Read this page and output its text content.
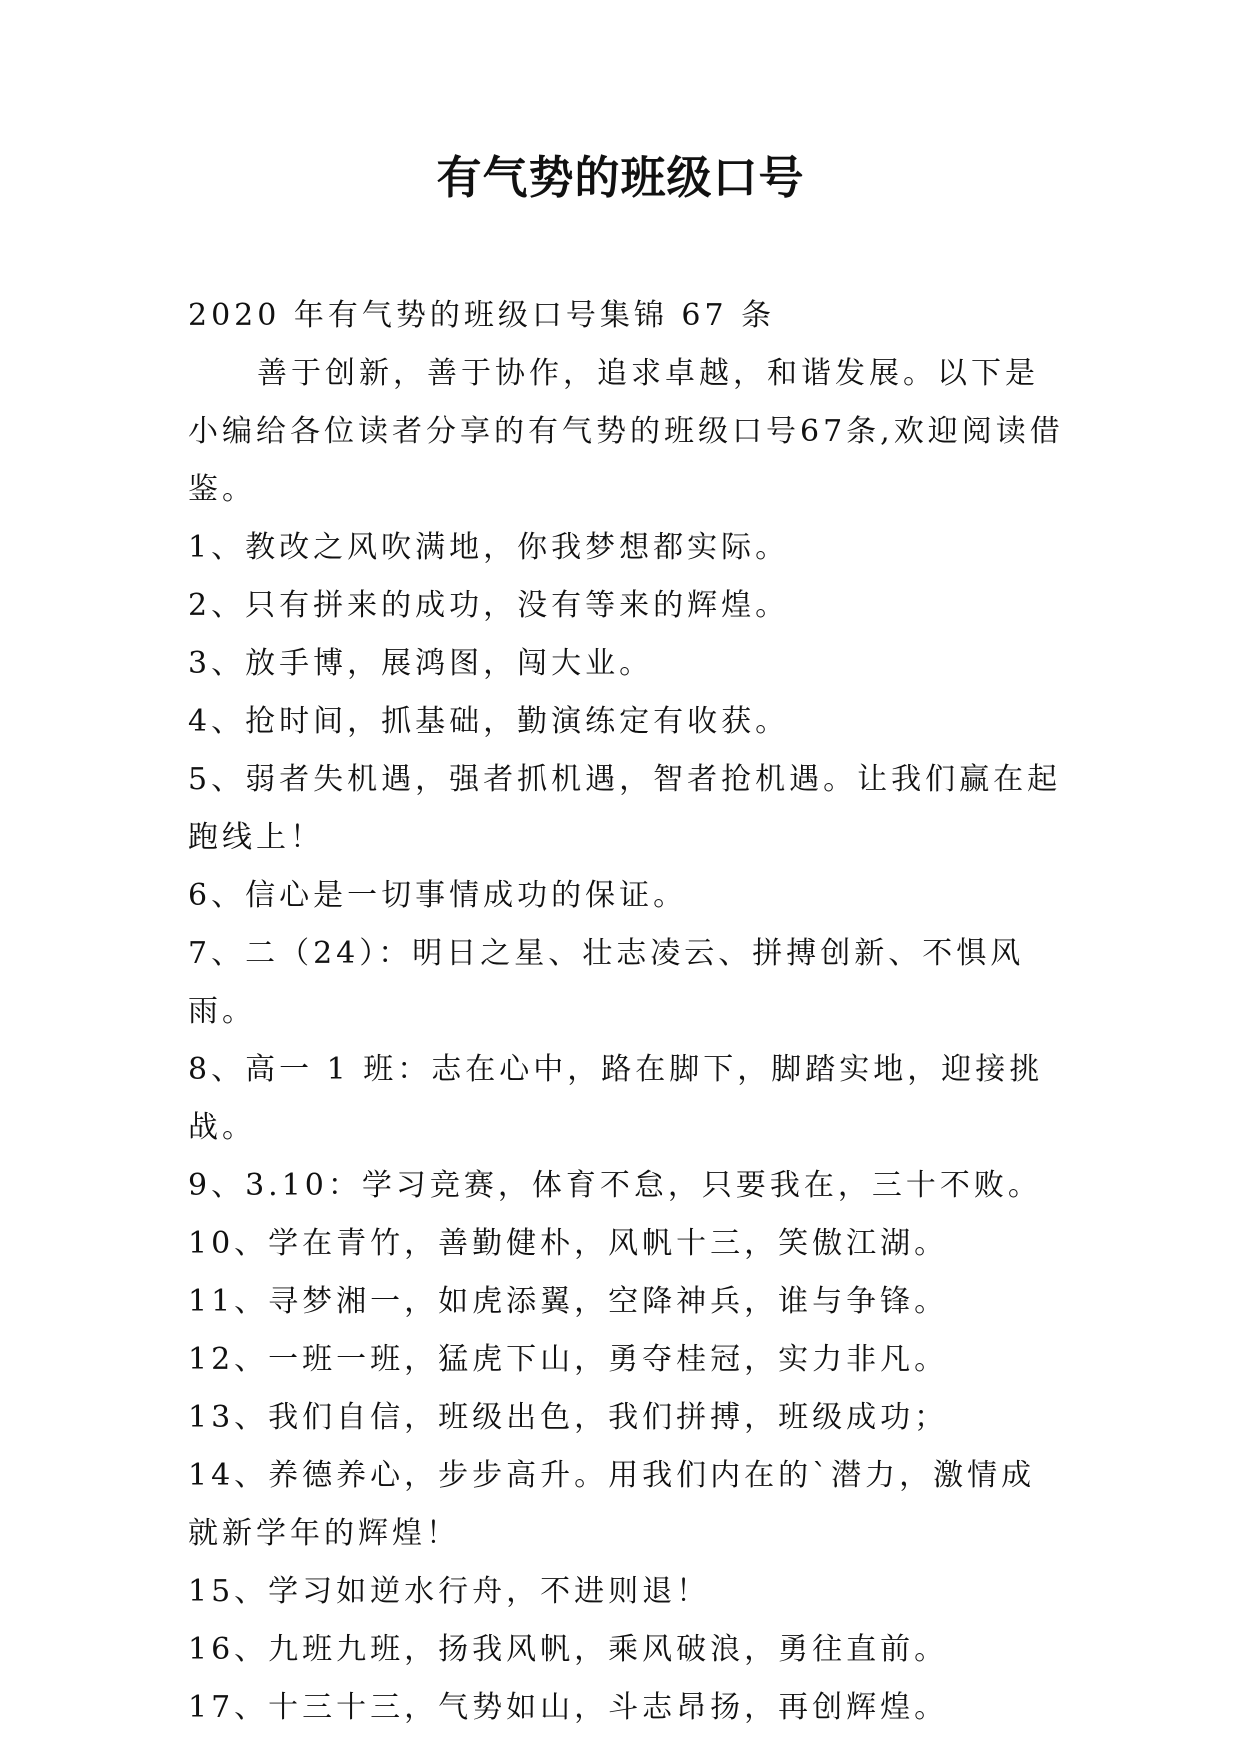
有气势的班级口号

2020 年有气势的班级口号集锦 67 条

善于创新，善于协作，追求卓越，和谐发展。以下是小编给各位读者分享的有气势的班级口号67条,欢迎阅读借鉴。

1、教改之风吹满地，你我梦想都实际。

2、只有拼来的成功，没有等来的辉煌。

3、放手博，展鸿图，闯大业。

4、抢时间，抓基础，勤演练定有收获。

5、弱者失机遇，强者抓机遇，智者抢机遇。让我们赢在起跑线上！

6、信心是一切事情成功的保证。

7、二（24）：明日之星、壮志凌云、拼搏创新、不惧风雨。

8、高一 1 班：志在心中，路在脚下，脚踏实地，迎接挑战。

9、3.10：学习竞赛，体育不怠，只要我在，三十不败。

10、学在青竹，善勤健朴，风帆十三，笑傲江湖。

11、寻梦湘一，如虎添翼，空降神兵，谁与争锋。

12、一班一班，猛虎下山，勇夺桂冠，实力非凡。

13、我们自信，班级出色，我们拼搏，班级成功；

14、养德养心，步步高升。用我们内在的`潜力，激情成就新学年的辉煌！

15、学习如逆水行舟，不进则退！

16、九班九班，扬我风帆，乘风破浪，勇往直前。

17、十三十三，气势如山，斗志昂扬，再创辉煌。
